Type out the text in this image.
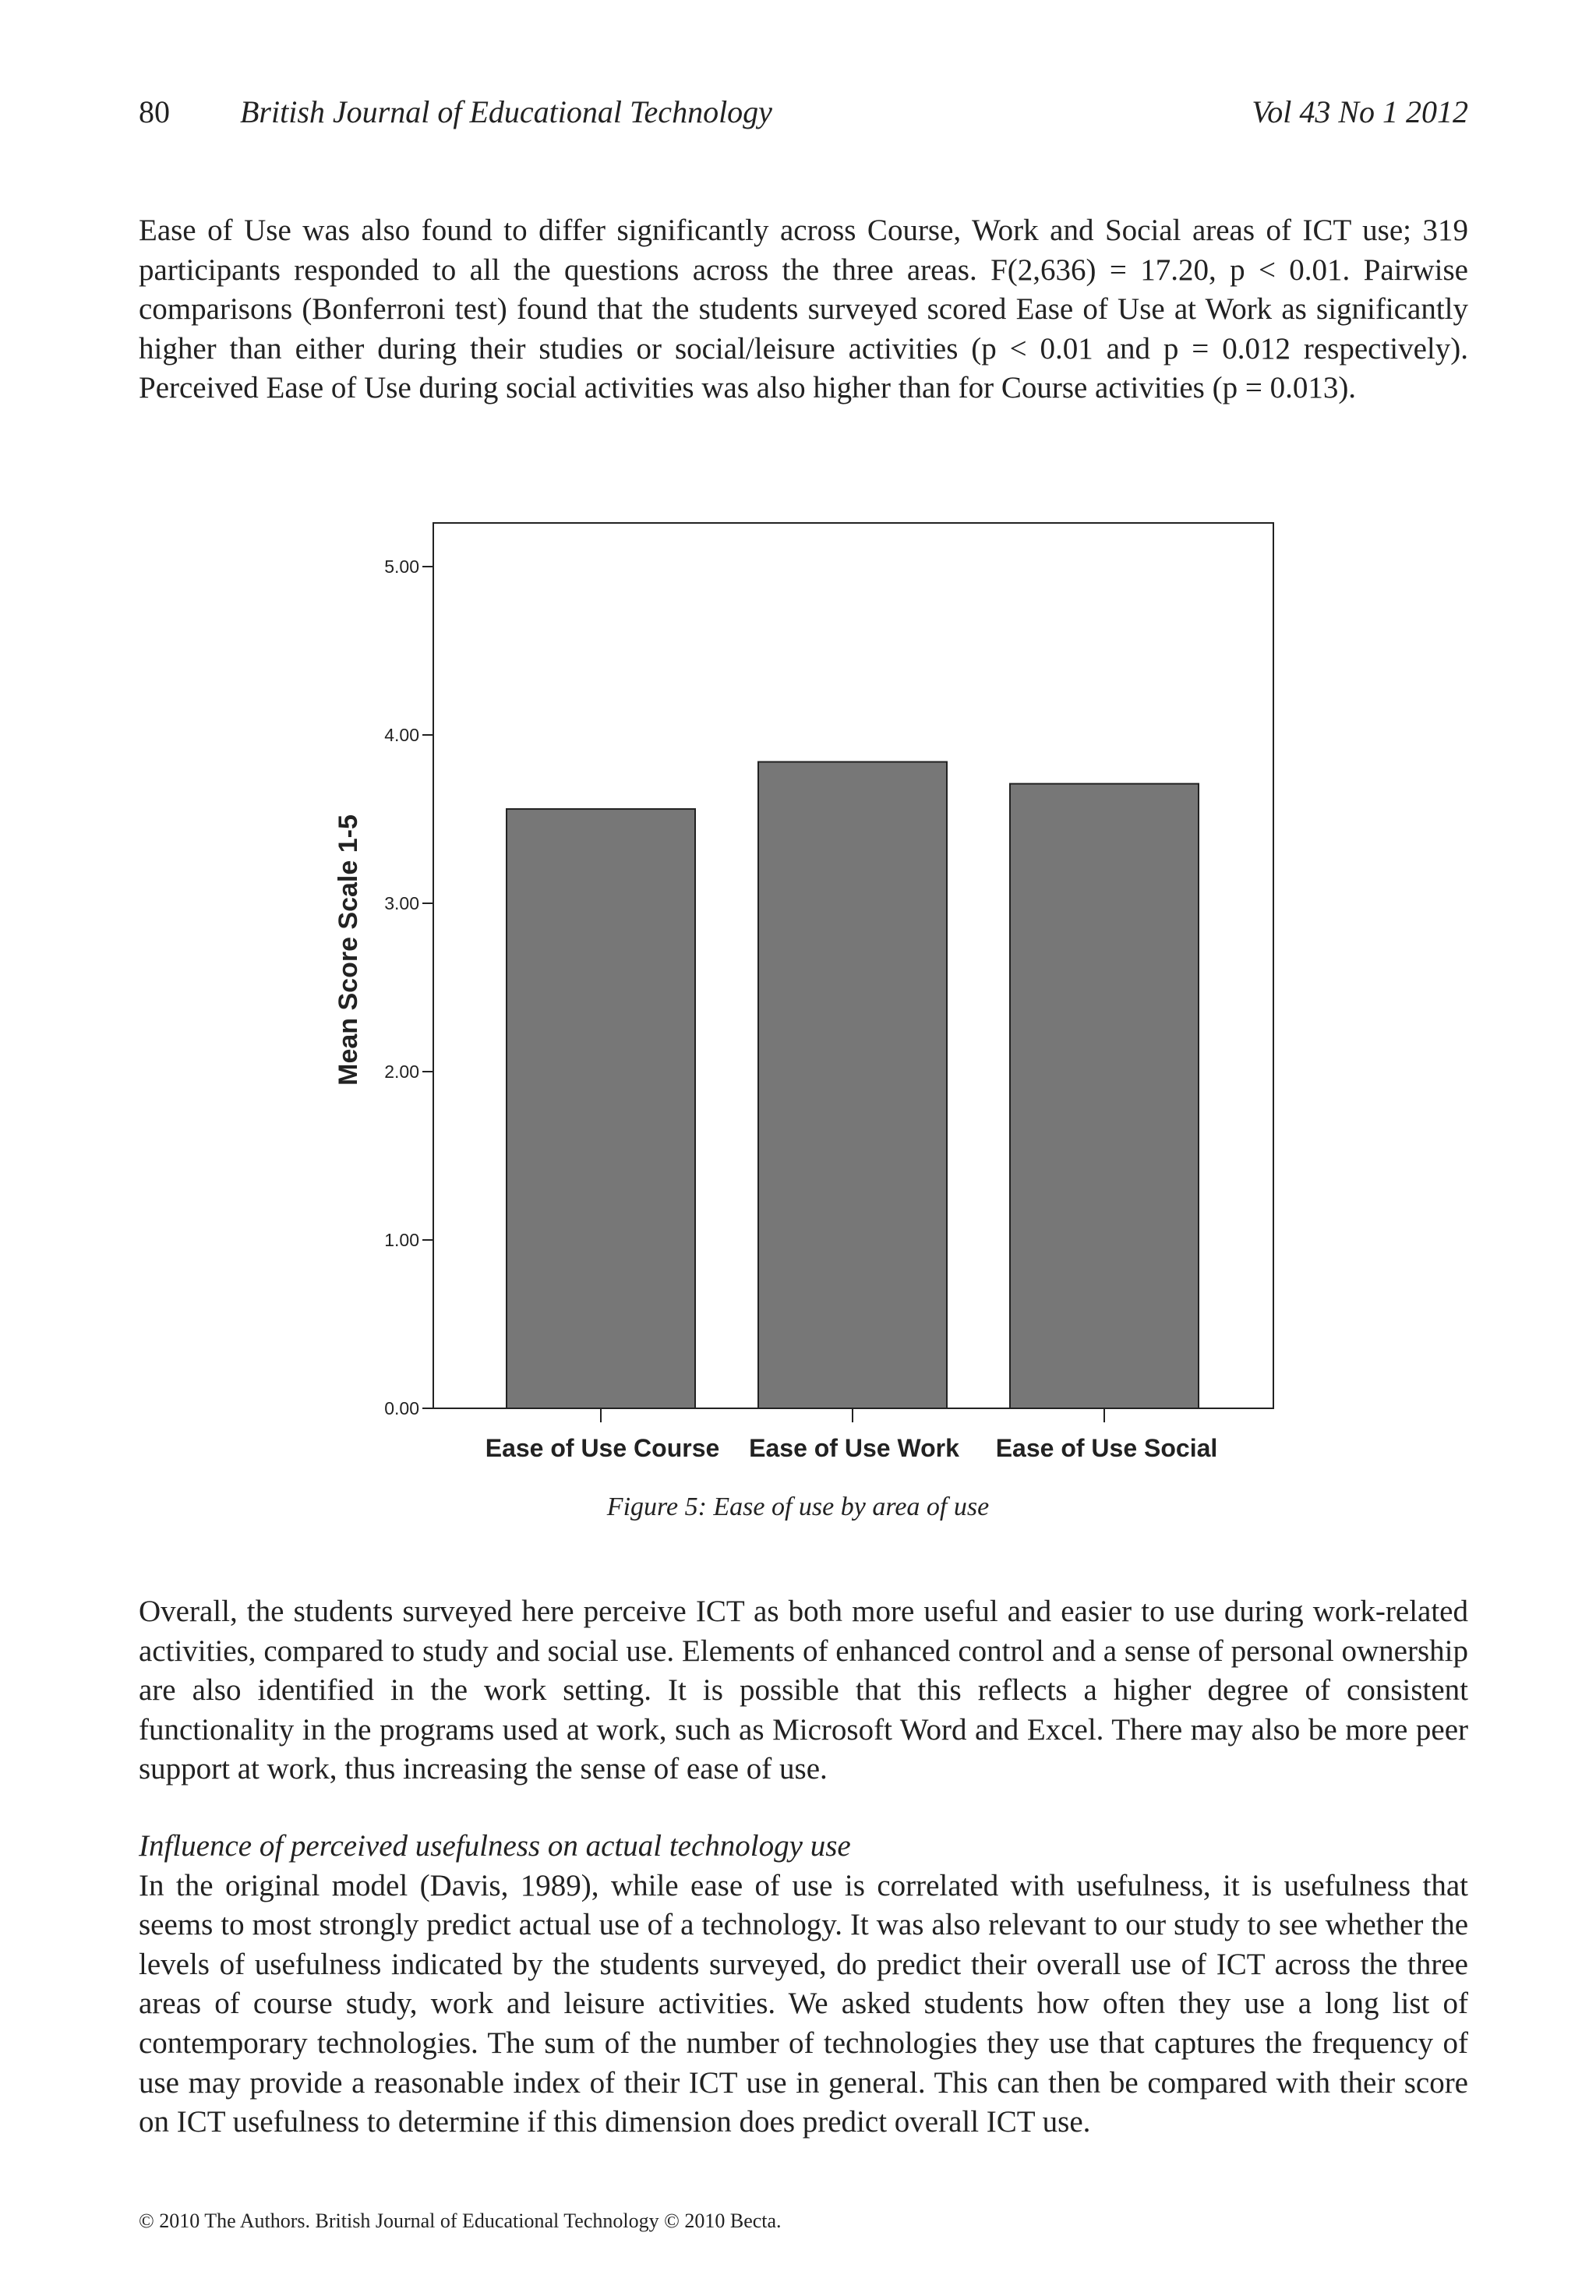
80 British Journal of Educational Technology	Vol 43 No 1 2012

Ease of Use was also found to differ significantly across Course, Work and Social areas of ICT use; 319 participants responded to all the questions across the three areas. F(2,636) = 17.20, p < 0.01. Pairwise comparisons (Bonferroni test) found that the students surveyed scored Ease of Use at Work as significantly higher than either during their studies or social/leisure activities (p < 0.01 and p = 0.012 respectively). Perceived Ease of Use during social activities was also higher than for Course activities (p = 0.013).

0.00
1.00
2.00
3.00
4.00
5.00
Mean Score Scale 1-5
Ease of Use Course Ease of Use Work Ease of Use Social
Figure 5: Ease of use by area of use

Overall, the students surveyed here perceive ICT as both more useful and easier to use during work-related activities, compared to study and social use. Elements of enhanced control and a sense of personal ownership are also identified in the work setting. It is possible that this reflects a higher degree of consistent functionality in the programs used at work, such as Microsoft Word and Excel. There may also be more peer support at work, thus increasing the sense of ease of use.

Influence of perceived usefulness on actual technology use
In the original model (Davis, 1989), while ease of use is correlated with usefulness, it is usefulness that seems to most strongly predict actual use of a technology. It was also relevant to our study to see whether the levels of usefulness indicated by the students surveyed, do predict their overall use of ICT across the three areas of course study, work and leisure activities. We asked students how often they use a long list of contemporary technologies. The sum of the number of technologies they use that captures the frequency of use may provide a reasonable index of their ICT use in general. This can then be compared with their score on ICT usefulness to determine if this dimension does predict overall ICT use.
© 2010 The Authors. British Journal of Educational Technology © 2010 Becta.
